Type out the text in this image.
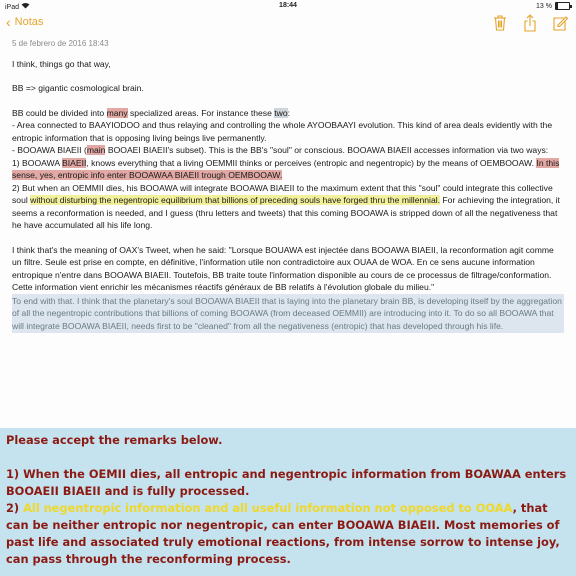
iPad	18:44	13 %
‹ Notas
5 de febrero de 2016 18:43

I think, things go that way,

BB => gigantic cosmological brain.

BB could be divided into many specialized areas. For instance these two:

- Area connected to BAAYIODOO and thus relaying and controlling the whole AYOOBAAYI evolution. This kind of area deals evidently with the entropic information that is opposing living beings live permanently.

- BOOAWA BIAEII (main BOOAEI BIAEII's subset). This is the BB's "soul" or conscious. BOOAWA BIAEII accesses information via two ways:

1) BOOAWA BIAEII, knows everything that a living OEMMII thinks or perceives (entropic and negentropic) by the means of OEMBOOAW. In this sense, yes, entropic info enter BOOAWAA BIAEII trough OEMBOOAW.

2) But when an OEMMII dies, his BOOAWA will integrate BOOAWA BIAEII to the maximum extent that this "soul" could integrate this collective soul without disturbing the negentropic equilibrium that billions of preceding souls have forged thru the millennial. For achieving the integration, it seems a reconformation is needed, and I guess (thru letters and tweets) that this coming BOOAWA is stripped down of all the negativeness that he have accumulated all his life long.

I think that's the meaning of OAX's Tweet, when he said: "Lorsque BOUAWA est injectée dans BOOAWA BIAEII, la reconformation agit comme un filtre. Seule est prise en compte, en définitive, l'information utile non contradictoire aux OUAA de WOA. En ce sens aucune information entropique n'entre dans BOOAWA BIAEII. Toutefois, BB traite toute l'information disponible au cours de ce processus de filtrage/conformation. Cette information vient enrichir les mécanismes réactifs généraux de BB relatifs à l'évolution globale du milieu."

To end with that. I think that the planetary's soul BOOAWA BIAEII that is laying into the planetary brain BB, is developing itself by the aggregation of all the negentropic contributions that billions of coming BOOAWA (from deceased OEMMII) are introducing into it. To do so all BOOAWA that will integrate BOOAWA BIAEII, needs first to be "cleaned" from all the negativeness (entropic) that has developed through his life.

Please accept the remarks below.
1) When the OEMII dies, all entropic and negentropic information from BOAWAA enters BOOAEII BIAEII and is fully processed.
2) All negentropic information and all useful information not opposed to OOAA, that can be neither entropic nor negentropic, can enter BOOAWA BIAEII. Most memories of past life and associated truly emotional reactions, from intense sorrow to intense joy, can pass through the reconforming process.
